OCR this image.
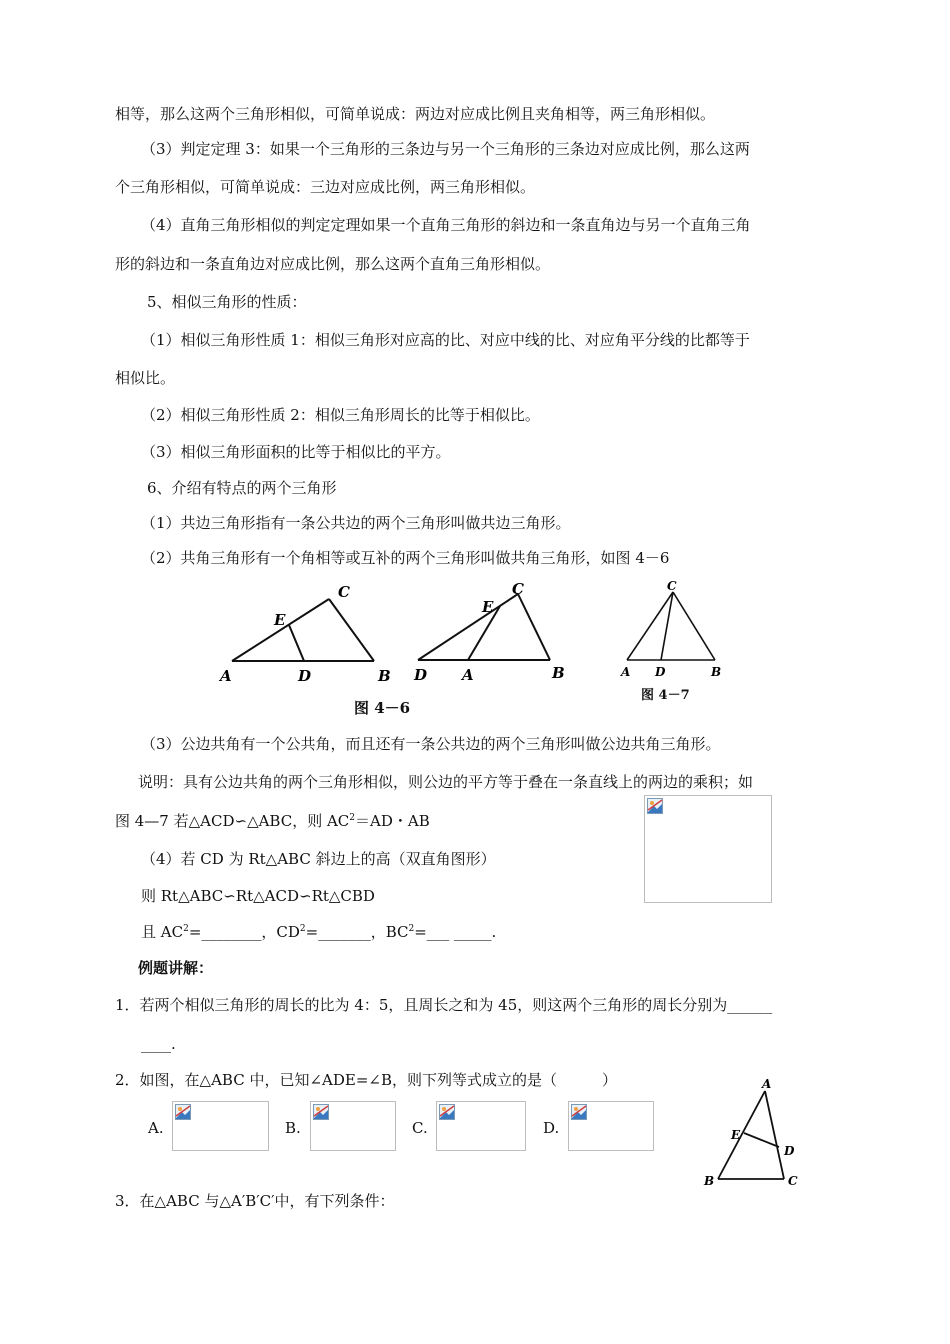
相等，那么这两个三角形相似，可简单说成：两边对应成比例且夹角相等，两三角形相似。
（3）判定定理 3：如果一个三角形的三条边与另一个三角形的三条边对应成比例，那么这两
个三角形相似，可简单说成：三边对应成比例，两三角形相似。
（4）直角三角形相似的判定定理如果一个直角三角形的斜边和一条直角边与另一个直角三角
形的斜边和一条直角边对应成比例，那么这两个直角三角形相似。
5、相似三角形的性质：
（1）相似三角形性质 1：相似三角形对应高的比、对应中线的比、对应角平分线的比都等于
相似比。
（2）相似三角形性质 2：相似三角形周长的比等于相似比。
（3）相似三角形面积的比等于相似比的平方。
6、介绍有特点的两个三角形
（1）共边三角形指有一条公共边的两个三角形叫做共边三角形。
（2）共角三角形有一个角相等或互补的两个三角形叫做共角三角形，如图 4－6
C
E
A	D	B
C
E
D A	B
图 4－6
C
A D	B
图 4－7
（3）公边共角有一个公共角，而且还有一条公共边的两个三角形叫做公边共角三角形。
说明：具有公边共角的两个三角形相似，则公边的平方等于叠在一条直线上的两边的乘积；如
图 4—7 若△ACD∽△ABC，则 $AC^2=AD$・AB
（4）若 CD 为 Rt△ABC 斜边上的高（双直角图形）
则 Rt△ABC∽Rt△ACD∽Rt△CBD
且 $AC^2=\_\_\_\_\_\_\_\_$，$CD^2=\_\_\_\_\_\_\_$，$BC^2=\_\_\_$ _____.
例题讲解：
1．若两个相似三角形的周长的比为 4：5，且周长之和为 45，则这两个三角形的周长分别为______
____.
2．如图，在△ABC 中，已知∠ADE=∠B，则下列等式成立的是（　　　）
A.	B.	C.	D.
A
E
D
B	C
3．在△ABC 与△A′B′C′中，有下列条件：
